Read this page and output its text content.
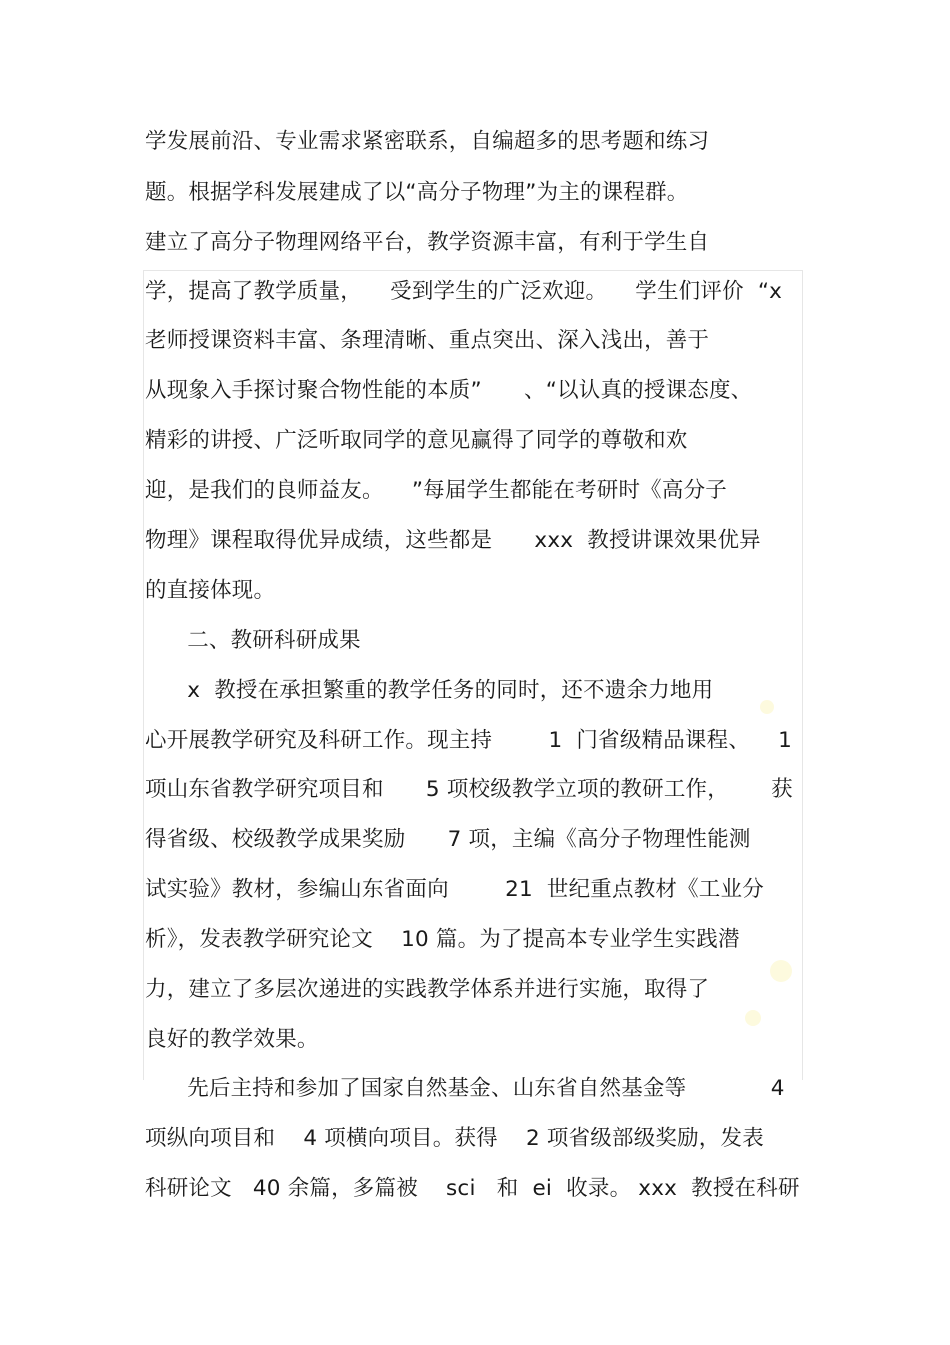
学发展前沿、专业需求紧密联系，自编超多的思考题和练习
题。根据学科发展建成了以“高分子物理”为主的课程群。
建立了高分子物理网络平台，教学资源丰富，有利于学生自
学，提高了教学质量，    受到学生的广泛欢迎。    学生们评价  “x
老师授课资料丰富、条理清晰、重点突出、深入浅出，善于
从现象入手探讨聚合物性能的本质”      、“以认真的授课态度、
精彩的讲授、广泛听取同学的意见赢得了同学的尊敬和欢
迎，是我们的良师益友。    ”每届学生都能在考研时《高分子
物理》课程取得优异成绩，这些都是      xxx  教授讲课效果优异
的直接体现。
二、教研科研成果
x  教授在承担繁重的教学任务的同时，还不遗余力地用
心开展教学研究及科研工作。现主持        1  门省级精品课程、    1
项山东省教学研究项目和      5 项校级教学立项的教研工作，      获
得省级、校级教学成果奖励      7 项，主编《高分子物理性能测
试实验》教材，参编山东省面向        21  世纪重点教材《工业分
析》，发表教学研究论文    10 篇。为了提高本专业学生实践潜
力，建立了多层次递进的实践教学体系并进行实施，取得了
良好的教学效果。
先后主持和参加了国家自然基金、山东省自然基金等            4
项纵向项目和    4 项横向项目。获得    2 项省级部级奖励，发表
科研论文   40 余篇，多篇被    sci   和  ei  收录。 xxx  教授在科研
